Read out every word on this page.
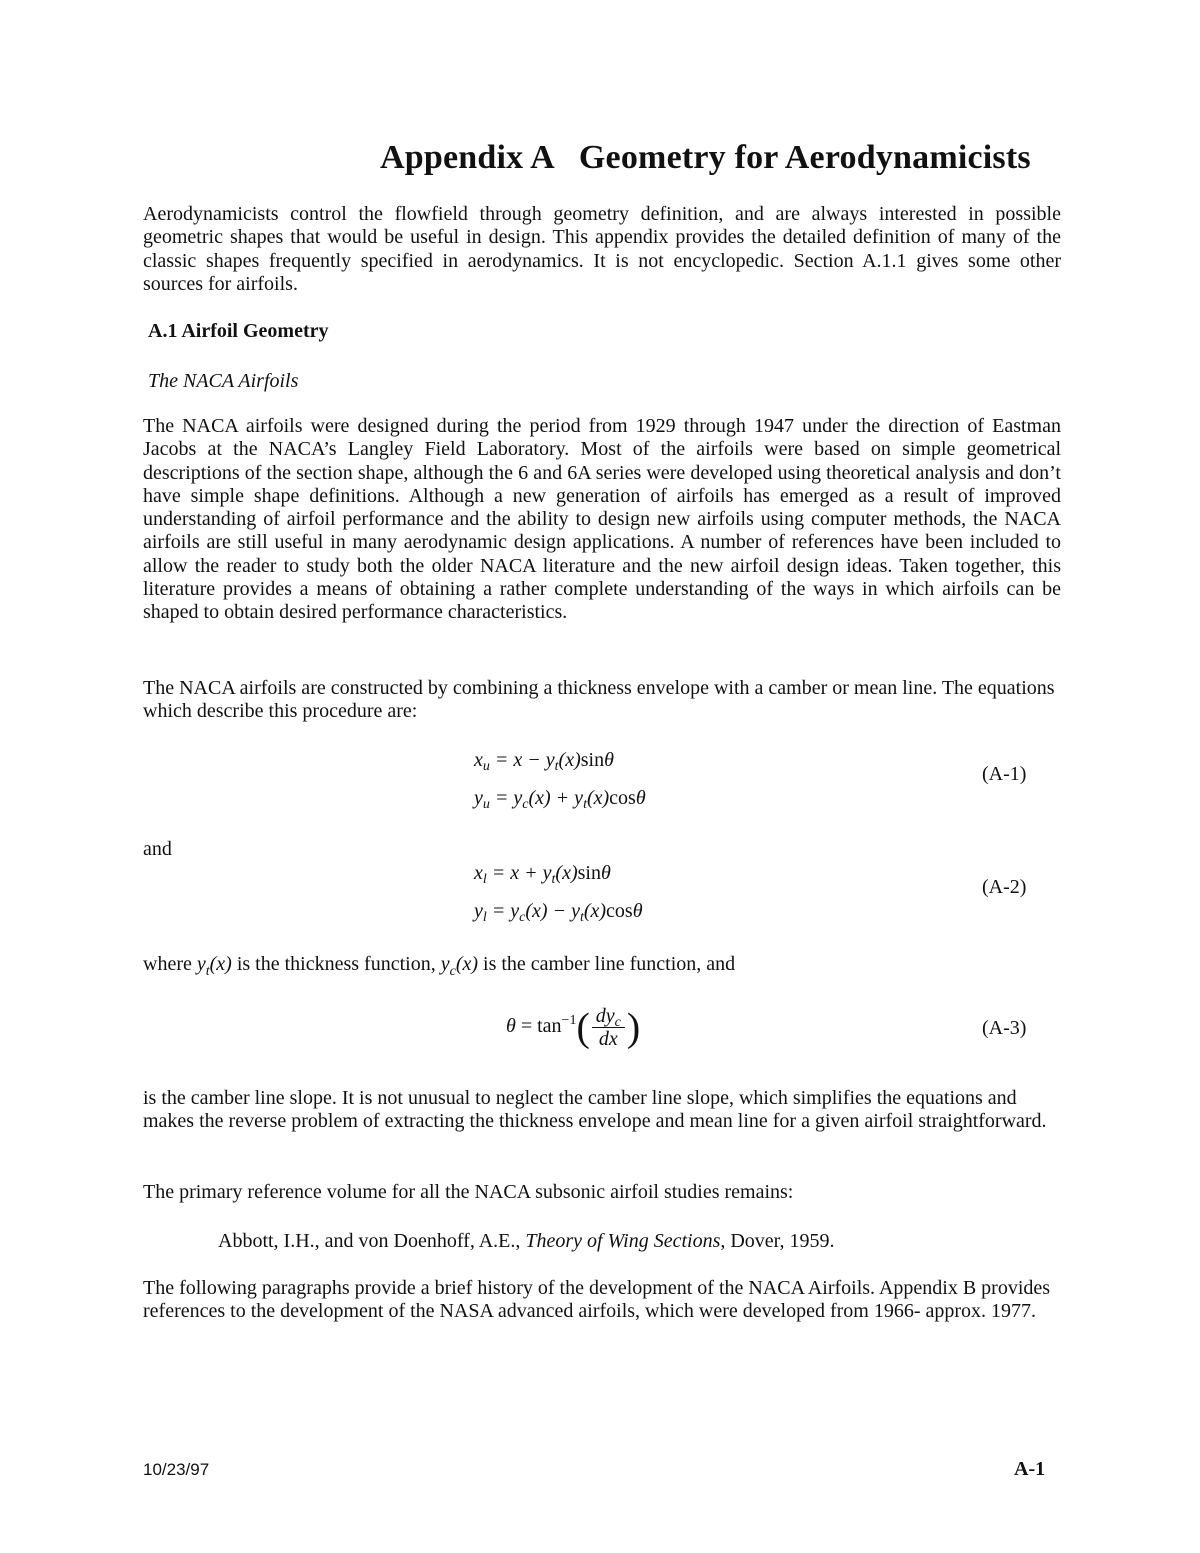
Appendix A Geometry for Aerodynamicists

Aerodynamicists control the flowfield through geometry definition, and are always interested in possible geometric shapes that would be useful in design. This appendix provides the detailed definition of many of the classic shapes frequently specified in aerodynamics. It is not encyclopedic. Section A.1.1 gives some other sources for airfoils.

A.1 Airfoil Geometry
The NACA Airfoils

The NACA airfoils were designed during the period from 1929 through 1947 under the direction of Eastman Jacobs at the NACA’s Langley Field Laboratory. Most of the airfoils were based on simple geometrical descriptions of the section shape, although the 6 and 6A series were developed using theoretical analysis and don’t have simple shape definitions. Although a new generation of airfoils has emerged as a result of improved understanding of airfoil performance and the ability to design new airfoils using computer methods, the NACA airfoils are still useful in many aerodynamic design applications. A number of references have been included to allow the reader to study both the older NACA literature and the new airfoil design ideas. Taken together, this literature provides a means of obtaining a rather complete understanding of the ways in which airfoils can be shaped to obtain desired performance characteristics.

The NACA airfoils are constructed by combining a thickness envelope with a camber or mean line. The equations which describe this procedure are:

$x_u = x - y_t(x)\sin\theta$
$y_u = y_c(x) + y_t(x)\cos\theta$
(A-1)
and
$x_l = x + y_t(x)\sin\theta$
$y_l = y_c(x) - y_t(x)\cos\theta$
(A-2)
where $y_t(x)$ is the thickness function, $y_c(x)$ is the camber line function, and
$\theta = \tan^{-1}( \frac{dy_c}{dx}$ )	(A-3)

is the camber line slope. It is not unusual to neglect the camber line slope, which simplifies the equations and makes the reverse problem of extracting the thickness envelope and mean line for a given airfoil straightforward.

The primary reference volume for all the NACA subsonic airfoil studies remains:

Abbott, I.H., and von Doenhoff, A.E., Theory of Wing Sections, Dover, 1959.

The following paragraphs provide a brief history of the development of the NACA Airfoils. Appendix B provides references to the development of the NASA advanced airfoils, which were developed from 1966- approx. 1977.

10/23/97	A-1
